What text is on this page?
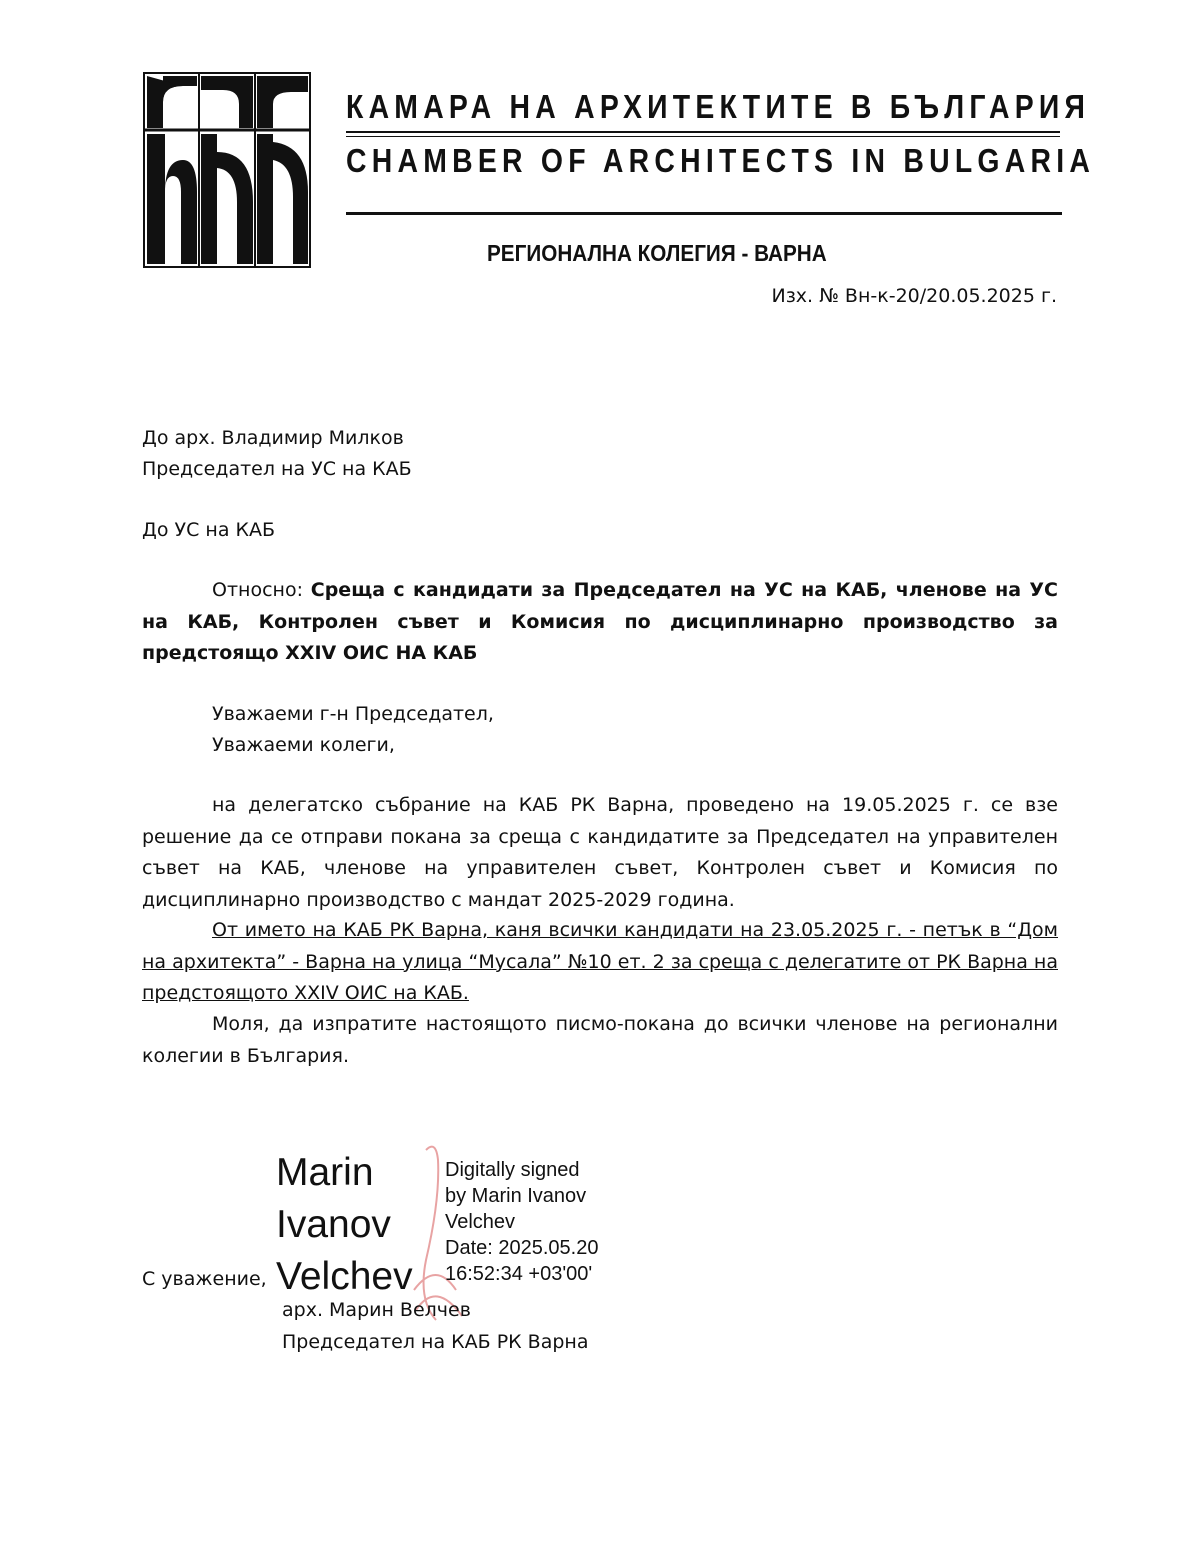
КАМАРА НА АРХИТЕКТИТЕ В БЪЛГАРИЯ
CHAMBER OF ARCHITECTS IN BULGARIA
РЕГИОНАЛНА КОЛЕГИЯ - ВАРНА
Изх. № Вн-к-20/20.05.2025 г.
До арх. Владимир Милков
Председател на УС на КАБ
До УС на КАБ
Относно: Среща с кандидати за Председател на УС на КАБ, членове на УС на КАБ, Контролен съвет и Комисия по дисциплинарно производство за предстоящо XXIV ОИС НА КАБ
Уважаеми г-н Председател,
Уважаеми колеги,
на делегатско събрание на КАБ РК Варна, проведено на 19.05.2025 г. се взе решение да се отправи покана за среща с кандидатите за Председател на управителен съвет на КАБ, членове на управителен съвет, Контролен съвет и Комисия по дисциплинарно производство с мандат 2025-2029 година.
От името на КАБ РК Варна, каня всички кандидати на 23.05.2025 г. - петък в “Дом на архитекта” - Варна на улица “Мусала” №10 ет. 2 за среща с делегатите от РК Варна на предстоящото XXIV ОИС на КАБ.
Моля, да изпратите настоящото писмо-покана до всички членове на регионални колегии в България.
Marin
Ivanov
Velchev
Digitally signed
by Marin Ivanov
Velchev
Date: 2025.05.20
16:52:34 +03'00'
С уважение,
арх. Марин Велчев
Председател на КАБ РК Варна
